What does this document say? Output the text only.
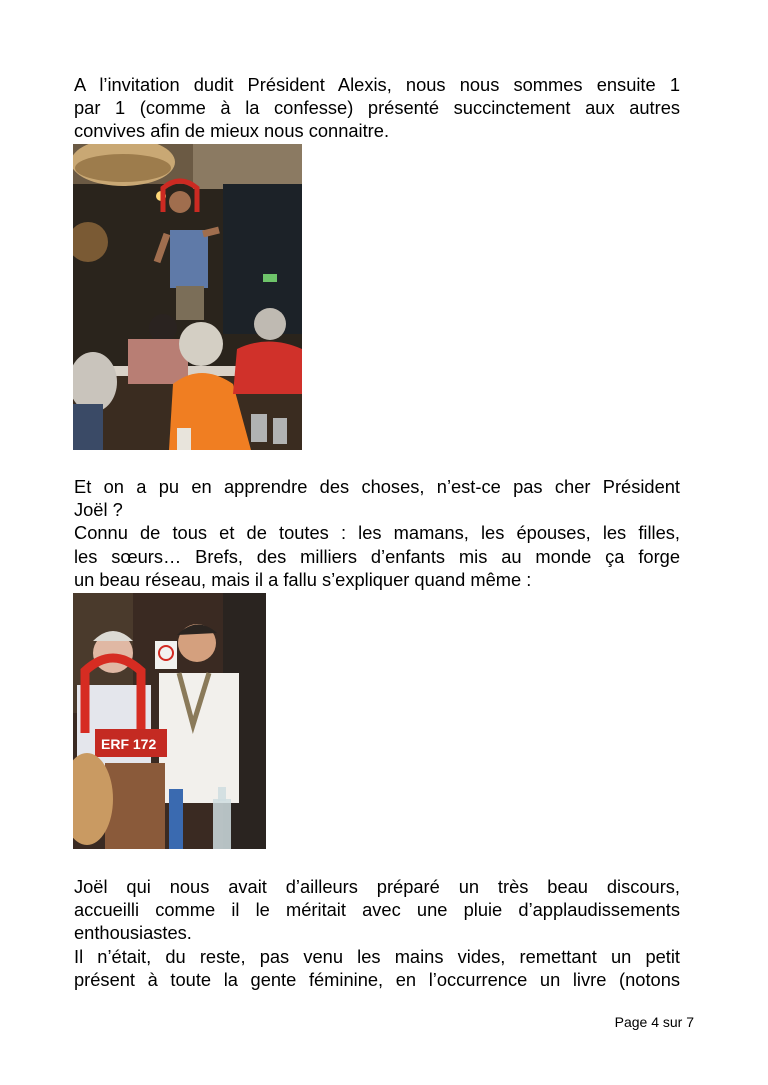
A l’invitation dudit Président Alexis, nous nous sommes ensuite 1
par 1 (comme à la confesse) présenté succinctement aux autres
convives afin de mieux nous connaitre.
Et on a pu en apprendre des choses, n’est-ce pas cher Président
Joël ?
Connu de tous et de toutes : les mamans, les épouses, les filles,
les sœurs… Brefs, des milliers d’enfants mis au monde ça forge
un beau réseau, mais il a fallu s’expliquer quand même :
ERF 172
Joël qui nous avait d’ailleurs préparé un très beau discours,
accueilli comme il le méritait avec une pluie d’applaudissements
enthousiastes.
Il n’était, du reste, pas venu les mains vides, remettant un petit
présent à toute la gente féminine, en l’occurrence un livre (notons
Page 4 sur 7
